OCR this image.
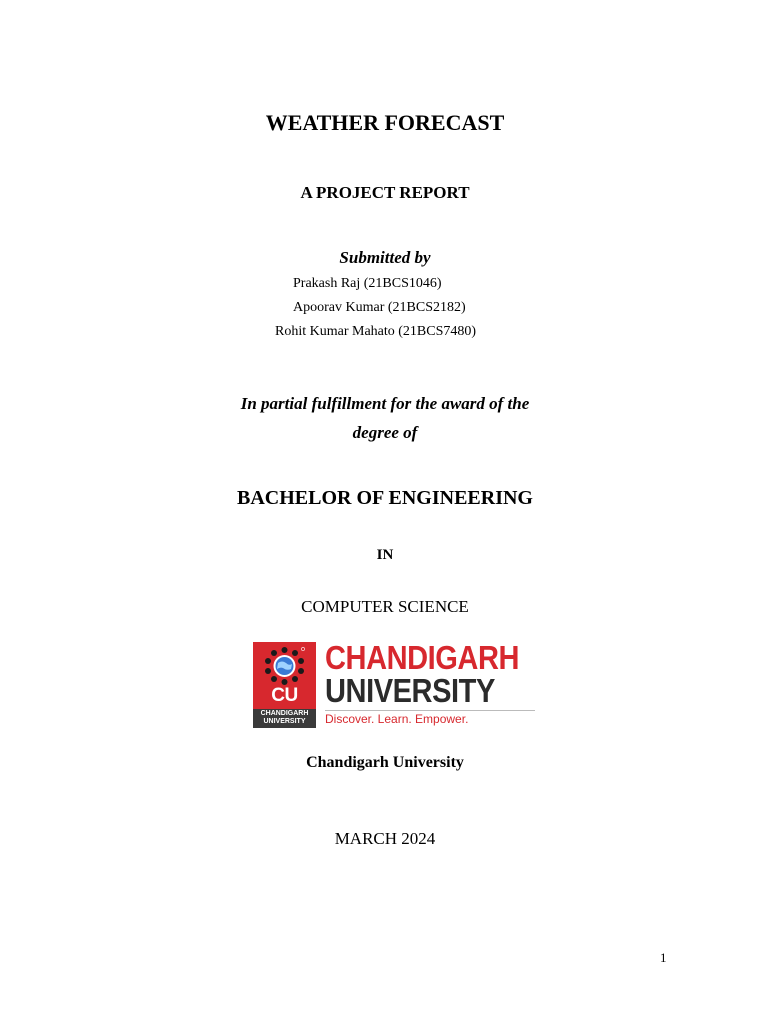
WEATHER FORECAST
A PROJECT REPORT
Submitted by
Prakash Raj (21BCS1046)
Apoorav Kumar (21BCS2182)
Rohit Kumar Mahato (21BCS7480)
In partial fulfillment for the award of the
degree of
BACHELOR OF ENGINEERING
IN
COMPUTER SCIENCE
CU
CHANDIGARH UNIVERSITY
CHANDIGARH
UNIVERSITY
Discover. Learn. Empower.
Chandigarh University
MARCH 2024
1
